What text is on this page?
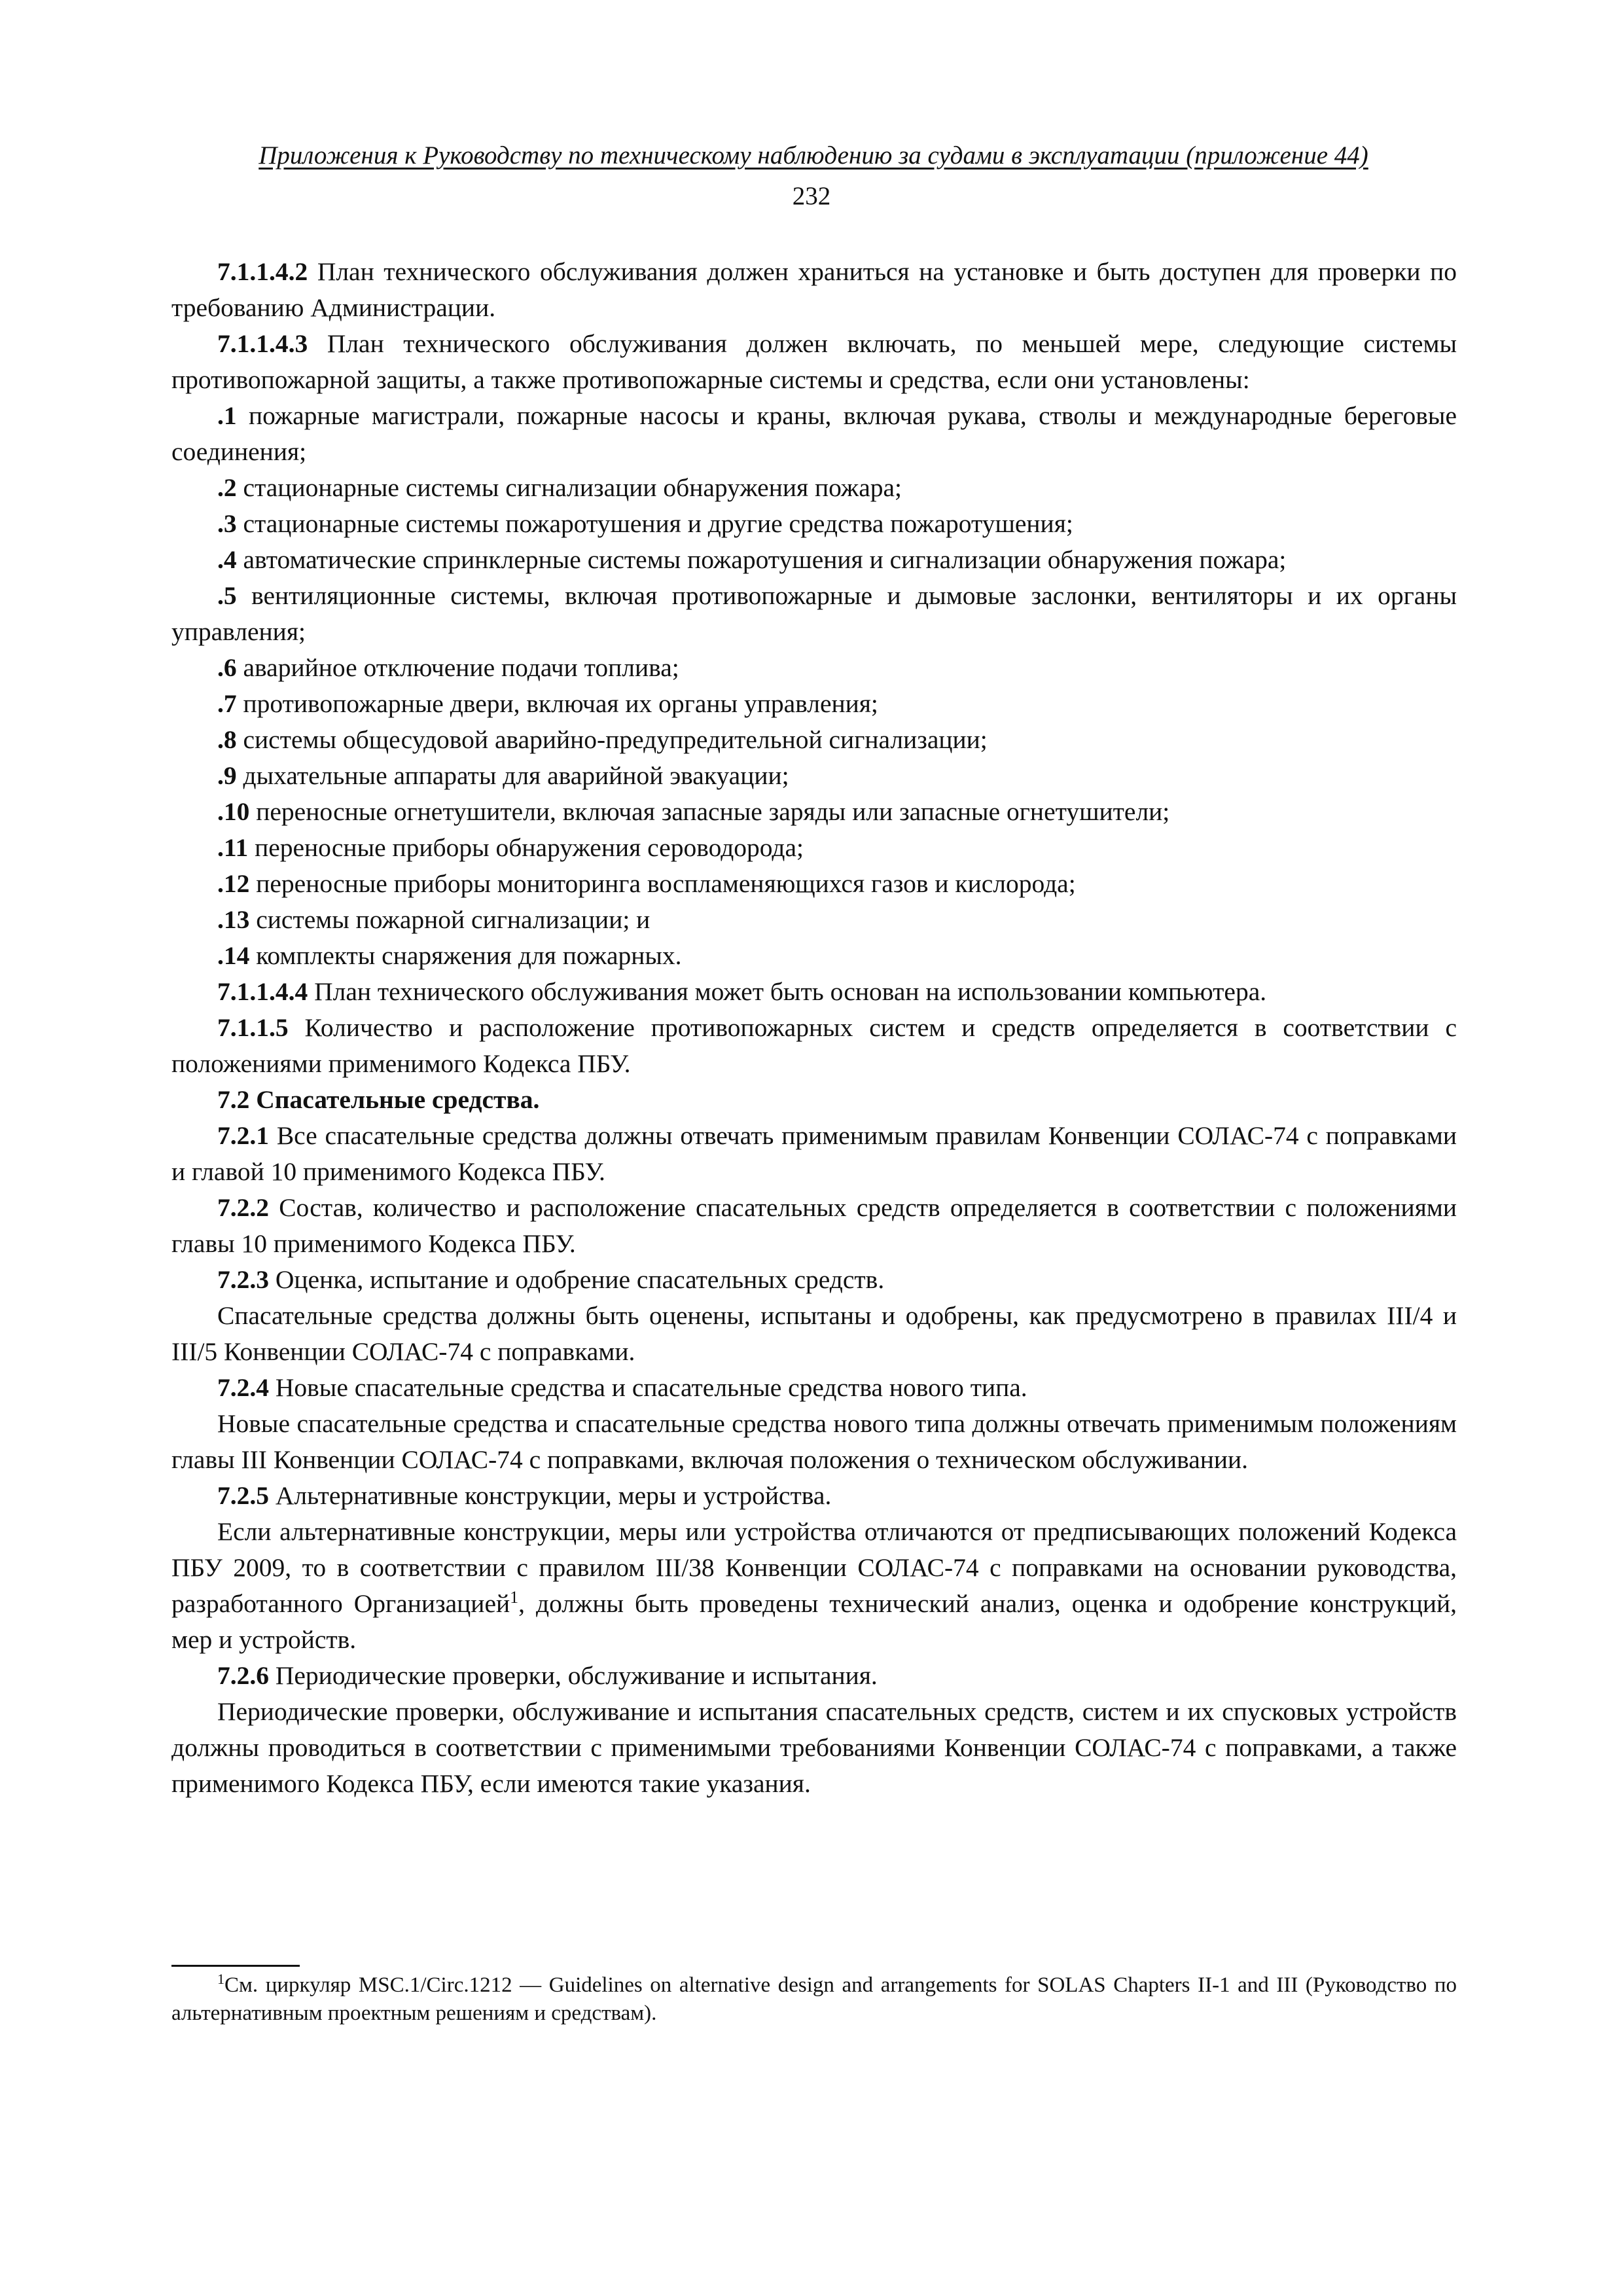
Приложения к Руководству по техническому наблюдению за судами в эксплуатации (приложение 44)
232

7.1.1.4.2 План технического обслуживания должен храниться на установке и быть доступен для проверки по требованию Администрации.

7.1.1.4.3 План технического обслуживания должен включать, по меньшей мере, следующие системы противопожарной защиты, а также противопожарные системы и средства, если они установлены:

.1 пожарные магистрали, пожарные насосы и краны, включая рукава, стволы и международные береговые соединения;

.2 стационарные системы сигнализации обнаружения пожара;

.3 стационарные системы пожаротушения и другие средства пожаротушения;

.4 автоматические спринклерные системы пожаротушения и сигнализации обнаружения пожара;

.5 вентиляционные системы, включая противопожарные и дымовые заслонки, вентиляторы и их органы управления;

.6 аварийное отключение подачи топлива;

.7 противопожарные двери, включая их органы управления;

.8 системы общесудовой аварийно-предупредительной сигнализации;

.9 дыхательные аппараты для аварийной эвакуации;

.10 переносные огнетушители, включая запасные заряды или запасные огнетушители;

.11 переносные приборы обнаружения сероводорода;

.12 переносные приборы мониторинга воспламеняющихся газов и кислорода;

.13 системы пожарной сигнализации; и

.14 комплекты снаряжения для пожарных.

7.1.1.4.4 План технического обслуживания может быть основан на использовании компьютера.

7.1.1.5 Количество и расположение противопожарных систем и средств определяется в соответствии с положениями применимого Кодекса ПБУ.

7.2 Спасательные средства.

7.2.1 Все спасательные средства должны отвечать применимым правилам Конвенции СОЛАС-74 с поправками и главой 10 применимого Кодекса ПБУ.

7.2.2 Состав, количество и расположение спасательных средств определяется в соответствии с положениями главы 10 применимого Кодекса ПБУ.

7.2.3 Оценка, испытание и одобрение спасательных средств.

Спасательные средства должны быть оценены, испытаны и одобрены, как предусмотрено в правилах III/4 и III/5 Конвенции СОЛАС-74 с поправками.

7.2.4 Новые спасательные средства и спасательные средства нового типа.

Новые спасательные средства и спасательные средства нового типа должны отвечать применимым положениям главы III Конвенции СОЛАС-74 с поправками, включая положения о техническом обслуживании.

7.2.5 Альтернативные конструкции, меры и устройства.

Если альтернативные конструкции, меры или устройства отличаются от предписывающих положений Кодекса ПБУ 2009, то в соответствии с правилом III/38 Конвенции СОЛАС-74 с поправками на основании руководства, разработанного Организацией$^1$, должны быть проведены технический анализ, оценка и одобрение конструкций, мер и устройств.

7.2.6 Периодические проверки, обслуживание и испытания.

Периодические проверки, обслуживание и испытания спасательных средств, систем и их спусковых устройств должны проводиться в соответствии с применимыми требованиями Конвенции СОЛАС-74 с поправками, а также применимого Кодекса ПБУ, если имеются такие указания.

$^1$См. циркуляр MSC.1/Circ.1212 — Guidelines on alternative design and arrangements for SOLAS Chapters II-1 and III (Руководство по альтернативным проектным решениям и средствам).
